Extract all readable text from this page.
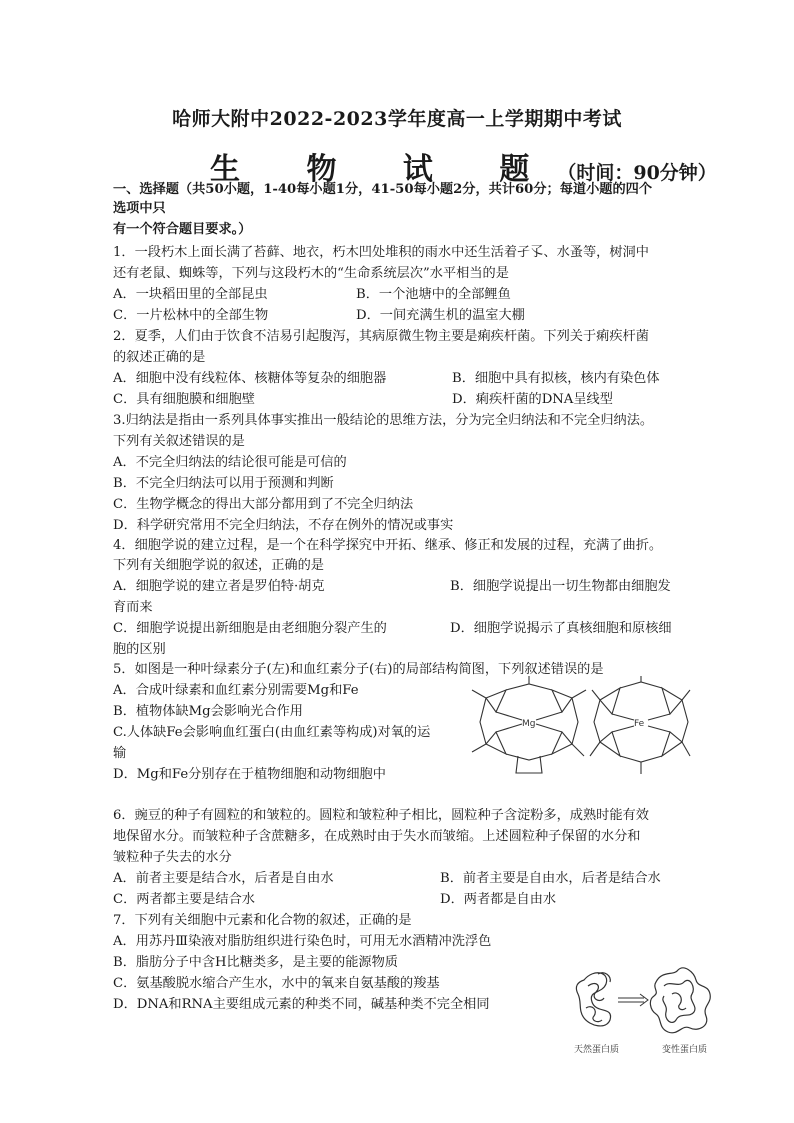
哈师大附中2022-2023学年度高一上学期期中考试
生 物 试 题（时间：90分钟）
一、选择题（共50小题，1-40每小题1分，41-50每小题2分，共计60分；每道小题的四个
选项中只
有一个符合题目要求。）
1．一段朽木上面长满了苔藓、地衣，朽木凹处堆积的雨水中还生活着孑孓、水蚤等，树洞中
还有老鼠、蜘蛛等，下列与这段朽木的“生命系统层次”水平相当的是
A．一块稻田里的全部昆虫	B．一个池塘中的全部鲤鱼
C．一片松林中的全部生物	D．一间充满生机的温室大棚
2．夏季，人们由于饮食不洁易引起腹泻，其病原微生物主要是痢疾杆菌。下列关于痢疾杆菌
的叙述正确的是
A．细胞中没有线粒体、核糖体等复杂的细胞器	B．细胞中具有拟核，核内有染色体
C．具有细胞膜和细胞壁	D．痢疾杆菌的DNA呈线型
3.归纳法是指由一系列具体事实推出一般结论的思维方法，分为完全归纳法和不完全归纳法。
下列有关叙述错误的是
A．不完全归纳法的结论很可能是可信的
B．不完全归纳法可以用于预测和判断
C．生物学概念的得出大部分都用到了不完全归纳法
D．科学研究常用不完全归纳法，不存在例外的情况或事实
4．细胞学说的建立过程，是一个在科学探究中开拓、继承、修正和发展的过程，充满了曲折。
下列有关细胞学说的叙述，正确的是
A．细胞学说的建立者是罗伯特·胡克	B．细胞学说提出一切生物都由细胞发
育而来
C．细胞学说提出新细胞是由老细胞分裂产生的	D．细胞学说揭示了真核细胞和原核细
胞的区别
5．如图是一种叶绿素分子(左)和血红素分子(右)的局部结构简图，下列叙述错误的是
A．合成叶绿素和血红素分别需要Mg和Fe
B．植物体缺Mg会影响光合作用
C.人体缺Fe会影响血红蛋白(由血红素等构成)对氧的运
输
D．Mg和Fe分别存在于植物细胞和动物细胞中
Mg	Fe
6．豌豆的种子有圆粒的和皱粒的。圆粒和皱粒种子相比，圆粒种子含淀粉多，成熟时能有效
地保留水分。而皱粒种子含蔗糖多，在成熟时由于失水而皱缩。上述圆粒种子保留的水分和
皱粒种子失去的水分
A．前者主要是结合水，后者是自由水	B．前者主要是自由水，后者是结合水
C．两者都主要是结合水	D．两者都是自由水
7．下列有关细胞中元素和化合物的叙述，正确的是
A．用苏丹Ⅲ染液对脂肪组织进行染色时，可用无水酒精冲洗浮色
B．脂肪分子中含H比糖类多，是主要的能源物质
C．氨基酸脱水缩合产生水，水中的氧来自氨基酸的羧基
D．DNA和RNA主要组成元素的种类不同，碱基种类不完全相同
天然蛋白质	变性蛋白质
